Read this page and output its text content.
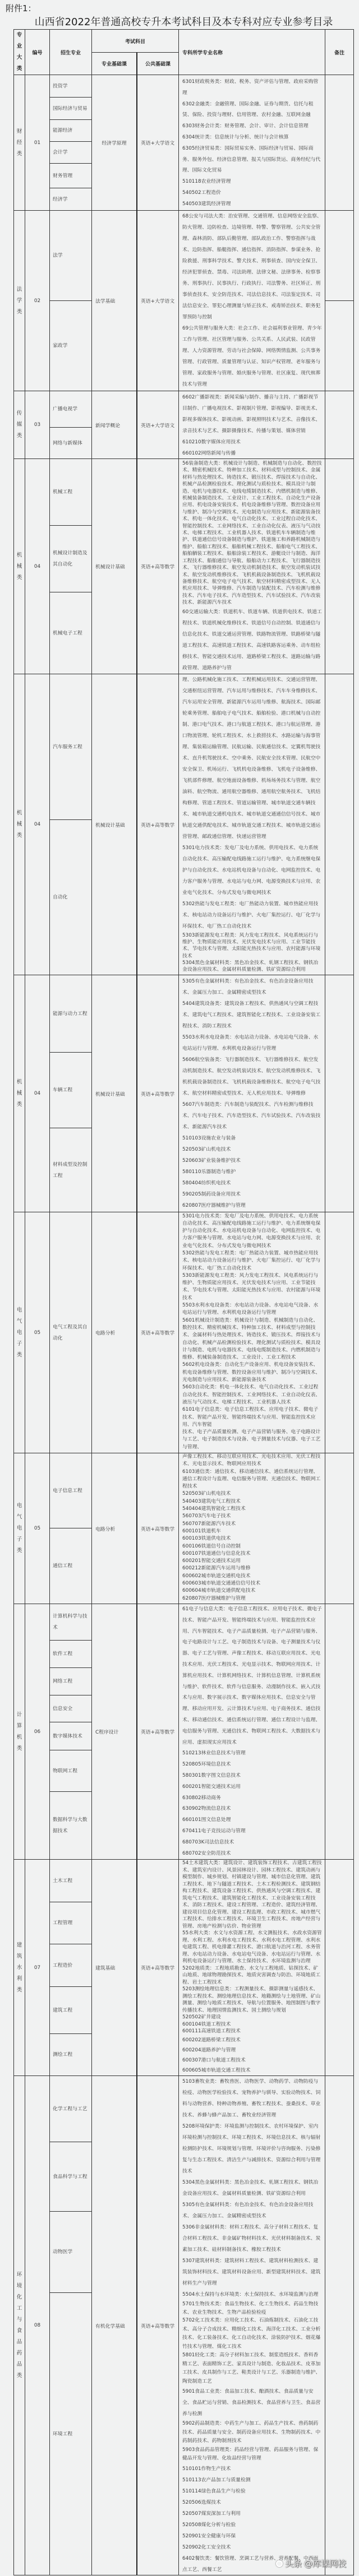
附件1：
山西省2022年普通高校专升本考试科目及本专科对应专业参考目录
专业大类
编号	招生专业
考试科目
专业基础课	公共基础课
专科所学专业名称	备注
财经类
01
投资学
国际经济与贸易
能源经济
会计学
财务管理
经济学
经济学原理	英语+大学语文

6301财政税务类：财政、税务、资产评估与管理、政府采购管理

6302金融类：金融管理、国际金融、证券与期货、信托与租赁、保险、投资与理财、信用管理、农村金融、互联网金融

6303财务会计类：财务管理、会计、审计、会计信息管理

6304统计类：信息统计与分析、统计与会计核算

6305经济贸易类：国际贸易实务、国际经济与贸易、国际商务、服务外包、经济信息管理、报关与国际货运、商务经纪与代理、国际文化贸易

510118农业经济管理

540502工程造价

540503建筑经济管理

法学类
02
法学
家政学
法学基础	英语+大学语文

68公安与司法大类：治安管理、交通管理、信息网络安全监察、防火管理、边防检查、边境管理、特警、警察管理、公共安全管理、森林消防、部队后勤管理、部队政治工作、警察指挥与战术、边防指挥、船艇指挥、通信指挥、消防指挥、参谋业务、抢险救援、刑事科学技术、警犬技术、刑事侦查、国内安全保卫、经济犯罪侦查、禁毒、司法助理、法律文秘、法律事务、检察事务、刑事执行、民事执行、行政执行、司法警务、社区矫正、刑事侦查技术、安全防范技术、司法信息技术、司法鉴定技术、司法信息安全、罪犯心理测量与矫正技术、戒毒矫治技术、职务犯罪预防与控制

69公共管理与服务大类：社会工作、社会福利事业管理、青少年工作与管理、社区管理与服务、公共关系、人民武装、民政管理、人力资源管理、劳动与社会保障、网络舆情监测、公共事务管理、行政管理、质量管理与认证、知识产权管理、老年服务与管理、家政服务与管理、婚庆服务与管理、社区康复、现代殡葬技术与管理

传媒类
03
广播电视学
网络与新媒体
新闻学概论	英语+大学语文

6602广播影视类：新闻采编与制作、播音与主持、广播影视节目制作、广播电视技术、影视制片管理、影视编导、影视美术、影视多媒体技术、影视动画、影视照明技术与艺术、音像技术、录音技术与艺术、摄影摄像技术、传播与策划、媒体营销

610210数字媒体应用技术

660102网络新闻与传播

机械类
04
机械工程
机械设计制造及其自动化
机械电子工程
机械设计基础	英语+高等数学

56装备制造大类：机械设计与制造、机械制造与自动化、数控技术、精密机械技术、特种加工技术、材料成型与控制技术、金属材料与热处理技术、铸造技术、锻压技术、焊接技术与自动化、机械产品检测检验技术、理化测试与质检技术、模具设计与制造、电机与电器技术、电线电缆制造技术、内燃机制造与维修、机械装备制造技术、工业设计、工业工程技术、自动化生产设备应用、机电设备安装技术、机电设备维修与管理、数控设备应用与维护、制冷与空调技术、光电制造与应用技术、新能源装备技术、机电一体化技术、电气自动化技术、工业过程自动化技术、智能控制技术、工业网络技术、工业自动化仪表、液压与气动技术、电梯工程技术、工业机器人技术、铁道机车车辆制造与维护、铁道通信信号设备制造与维护、铁道施工和养路机械制造与维护、船舶工程技术、船舶机械工程技术、船舶电气工程技术、船舶舾装工程技术、船舶涂装工程技术、游艇设计与制造、海洋工程技术、船舶通信与导航、船舶动力工程技术、飞行器制造技术、飞行器维修技术、航空发动机制造技术、航空发动机装试技术、航空发动机维修技术、飞机机载设备制造技术、飞机机载设备维修技术、航空电子电气技术、航空材料精密成型技术、无人机应用技术、导弹维修、汽车制造与装配技术、汽车检测与维修技术、汽车电子技术、汽车造型技术、汽车试验技术、汽车改装技术、新能源汽车技术

60交通运输大类：铁道机车、铁道车辆、铁道供电技术、铁道工程技术、铁道机械化维修技术、铁道信号自动控制、铁道通信与信息化技术、铁道交通运营管理、铁路物流管理、铁路桥梁与隧道工程技术、高速铁道工程技术、高速铁路客运乘务、动车组检修技术、智能交通技术运用、道路桥梁工程技术、道路运输与路政管理、道路养护与管

机械类
04
汽车服务工程
自动化
机械设计基础	英语+高等数学

理、公路机械化施工技术、工程机械运用技术、交通运营管理、交通枢纽运营管理、汽车运用与维修技术、汽车车身维修技术、汽车运用安全管理、新能源汽车运用与维修、航海技术、国际邮轮乘务管理、船舶电子电气技术、船舶检验、港口机械与自动控制、港口电气技术、港口与航道工程技术、港口与航运管理、港口物流管理、轮机工程技术、水上救捞技术、水路运输与海事管理、集装箱运输管理、民航运输、民航通信技术、定翼机驾驶技术、直升机驾驶技术、空中乘务、民航安全技术管理、民航空中安全保卫、机场运行、飞机机电设备维修、飞机电子设备维修、飞机部件修理、航空地面设备维修、机场场务技术与管理、航空油料、航空物流、通用航空器维修、通用航空航务技术、飞机结构修理、管道工程技术、管道运输管理、城市轨道交通车辆技术、城市轨道交通机电技术、城市轨道交通通信信号技术、城市轨道交通供配电技术、城市轨道交通工程技术、城市轨道交通运营管理、邮政通信管理、快递运营管理

5301电力技术类：发电厂及电力系统、供用电技术、电力系统自动化技术、高压输配电线路施工运行与维护、电力系统继电保护与自动化技术、水电站机电设备与自动化、电网监控技术、电力客户服务与管理、水电站与电力网、电源变换技术与应用、农业电气化技术、分布式发电与微电网技术

5302热能与发电工程类：电厂热能动力装置、城市热能应用技术、核电站动力设备运行与维护、火电厂集控运行、电厂化学与环保技术、电厂热工自动化技术

5303新能源发电工程类：风力发电工程技术、风电系统运行与维护、生物质能应用技术、光伏发电技术与应用、工业节能技术、节电技术与管理、太阳能光热技术与应用、农村能源与环境技术

5304黑色金属材料类：黑色冶金技术、轧钢工程技术、钢铁冶金设备应用技术、金属材料质量检测、铁矿资源综合利用

机械类
04
能源与动力工程
车辆工程
材料成型及控制工程
机械设计基础	英语+高等数学

5305有色金属材料类：有色冶金技术、有色冶金设备应用技术、金属压力加工、金属精密成型技术

5404建筑设备类：建筑设备工程技术、供热通风与空调工程技术、建筑电气工程技术、建筑智能化工程技术、工业设备安装工程技术、消防工程技术

5503水利水电设备类：水电站动力设备、水电站电气设备、水电站运行与管理、水利机电设备运行与管理

5606航空装备类：飞行器制造技术、飞行器维修技术、航空发动机制造技术、航空发动机装试技术、航空发动机维修技术、飞机机载设备制造技术、飞机机载设备维修技术、航空电子电气技术、航空材料精密成型技术、无人机应用技术、导弹维修

5607汽车制造类：汽车制造与装配技术、汽车检测与维修技术、汽车电子技术、汽车造型技术、汽车试验技术、汽车改装技术、新能源汽车技术

510103设施农业与装备

520503矿山机电技术

520603矿业装备维护技术

580110乐器制造与维护

580404纺织机电技术

590205制药设备应用技术

620807医疗器械维护与管理

电气电子类
05
电气工程及其自动化
电路分析	英语+高等数学

5301电力技术类：发电厂及电力系统、供用电技术、电力系统自动化技术、高压输配电线路施工运行与维护、电力系统继电保护与自动化技术、水电站机电设备与自动化、电网监控技术、电力客户服务与管理、水电站与电力网、电源变换技术与应用、农业电气化技术、分布式发电与微电网技术

5302热能与发电工程类：电厂热能动力装置、城市热能应用技术、核电站动力设备运行与维护、火电厂集控运行、电厂化学与环保技术、电厂热工自动化技术

5303新能源发电工程类：风力发电工程技术、风电系统运行与维护、生物质能应用技术、光伏发电技术与应用、工业节能技术、节电技术与管理、太阳能光热技术与应用、农村能源与环境技术

5503水利水电设备类：水电站动力设备、水电站电气设备、水电站运行与管理、水利机电设备运行与管理

5601机械设计制造类：机械设计与制造、机械制造与自动化、数控技术、精密机械技术、特种加工技术、材料成型与控制技术、金属材料与热处理技术、铸造技术、锻压技术、焊接技术与自动化、机械产品检测检验技术、理化测试与质检技术、模具设计与制造、电机与电器技术、电线电缆制造技术、内燃机制造与维修、机械装备制造技术、工业设计、工业工程技术

5602机电设备类：自动化生产设备应用、机电设备安装技术、机电设备维修与管理、数控设备应用与维护、制冷与空调技术、光电制造与应用技术、新能源装备技术

5603自动化类：机电一体化技术、电气自动化技术、工业过程自动化技术、智能控制技术、工业网络技术、工业自动化仪表、液压与气动技术、电梯工程技术、工业机器人技术

6101电子信息类：电子信息工程技术、应用电子技术、微电子技术、智能产品开发、智能终端技术与应用、智能监控技术应用、汽车智能

技术、电子产品质量检测、电子产品营销与服务、电子电路设计与工艺、电子制造技术与设备、电子测量技术与仪器、电子工艺与管理、

电气电子类
05
电子信息工程
通信工程
电路分析	英语+高等数学

声像工程技术、移动互联应用技术、光电技术应用、光伏工程技术、光电显示技术、物联网应用技术

6103通信类：通信技术、移动通信技术、通信系统运行管理、通信工程设计与监理、电信服务与管理、光通信技术、物联网工程技术

520503矿山机电技术

540403建筑电气工程技术

540404建筑智能化工程技术

560703汽车电子技术

560707新能源汽车技术

600101铁道机车

600103铁道供电技术

600106铁道信号自动控制

600107铁道通信与信息化技术

600201智能交通技术运用

600212新能源汽车运用与维修

600602城市轨道交通机电技术

600603城市轨道交通通信信号技术

600604城市轨道交通供配电技术

620807医疗器械维护与管理

计算机类
06
计算机科学与技术
软件工程
网络工程
信息安全
数字媒体技术
物联网工程
数据科学与大数据技术
C程序设计	英语+高等数学

61电子与信息大类：电子信息工程技术、应用电子技术、微电子技术、智能产品开发、智能终端技术与应用、智能监控技术应用、汽车智能技术、电子产品质量检测、电子产品营销与服务、电子电路设计与工艺、电子制造技术与设备、电子测量技术与仪器、电子工艺与管理、声像工程技术、移动互联应用技术、光电技术应用、光伏工程技术、光电显示技术、物联网应用技术、计算机应用技术、计算机网络技术、计算机信息管理、计算机系统与维护、软件技术、软件与信息服务、动漫制作技术、嵌入式技术与应用、数字展示技术、数字媒体应用技术、信息安全与管理、移动应用开发、云计算技术与应用、电子商务技术、通信技术、移动通信技术、通信系统运行管理、通信工程设计与监理、电信服务与管理、光通信技术、物联网工程技术、大数据技术与应用、虚拟现实应用技术

510213林业信息技术与管理

520805环境信息技术

580301数字图文信息技术

600201智能交通技术运用

630802移动商务

630902物流信息技术

660101图文信息处理

670411电子竞技运动与管理

680703K司法信息技术

680702安全防范技术

建筑水利类
07
土木工程
工程管理
工程造价
建筑工程
测绘工程
建筑基础	英语+高等数学

54土木建筑大类：建筑设计、建筑装饰工程技术、古建筑工程技术、建筑室内设计、风景园林设计、园林工程技术、建筑动画与模型制作、城乡规划、村镇建设与管理、城市信息化管理、建筑工程技术、地下与隧道工程技术、土木工程检测技术、建筑钢结构工程技术、建筑设备工程技术、供热通风与空调工程技术、建筑电气工程技术、建筑智能化工程技术、工业设备安装工程技术、消防工程技术、建设工程管理、工程造价、建筑经济管理、建设项目信息化管理、建设工程监理、市政工程技术、城市燃气工程技术、给排水工程技术、环境卫生工程技术、房地产经营与管理、房地产检测与估价、物业管理

55水利大类：水文与水资源工程、水文测报技术、水政水资源管理、水利工程、水利水电工程技术、水利水电工程管理、水利水电建筑工程、机电排灌工程技术、港口航道与治河工程、水务管理、水电站动力设备、水电站电气设备、水电站运行与管理、水利机电设备运行与管理、水土保持技术、水环境监测与治理

5202地质类：工程地质勘查、水文与工程地质、钻探技术、矿山地质、地球物理勘探技术、地质灾害调查与防治、环境地质工程、岩土工程技术

5203测绘地理信息类：工程测量技术、摄影测量与遥感技术、测绘工程技术、测绘地理信息技术、地籍测绘与土地管理、矿山测量、测绘与地质工程技术、导航与位置服务、地图制图与数字传播技术、地理国情监测技术、国土测绘与规划

520502矿井建设

600104铁道工程技术

600111高速铁道工程技术

600202道路桥梁工程技术

600204道路养护与管理

600307港口与航道工程技术

600605城市轨道交通工程技术

环境化工与食品药品类
08
化学工程与工艺
食品科学与工程
动物医学
环境工程
有机化学基础	英语+高等数学

5103畜牧业类：畜牧兽医、动物医学、动物药学、动物防疫与检疫、动物医学检验技术、宠物养护与驯导、实验动物技术、饲料与动物营养、特种动物养殖、畜牧工程技术、蚕桑技术、草业技术、养蜂与蜂产品加工、畜牧业经济管理

5208环境保护类：环境监测与控制技术、农村环境保护、室内环境检测与控制技术、环境工程技术、环境信息技术、核与辐射检测防护技术、环境规划与管理、环境评价与咨询服务、污染修复与生态工程技术、清洁生产与减排技术、资源综合利用与管理技术

5304黑色金属材料类：黑色冶金技术、轧钢工程技术、钢铁冶金设备应用技术、金属材料质量检测、铁矿资源综合利用

5305有色金属材料类：有色冶金技术、有色冶金设备应用技术、金属压力加工、金属精密成型技术

5306非金属材料类：材料工程技术、高分子材料工程技术、复合材料工程技术、非金属矿物材料技术、光伏材料制备技术、炭素加工技术、硅材料制备技术、橡胶工程技术

5307建筑材料类：建筑材料工程技术、建筑材料检测技术、建筑装饰材料技术、建筑材料设备应用、新型建筑材料技术、建筑材料生产与管理

5504水土保持与水环境类：水土保持技术、水环境监测与治理

5701生物技术类：食品生物技术、化工生物技术、药品生物技术、农业生物技术、生物产品检验检疫

5702化工技术类：应用化工技术、石油炼制技术、石油化工技术、高分子合成技术、精细化工技术、海洋化工技术、工业分析技术、化工装备技术、化工自动化技术、涂装防护技术、烟花爆竹技术与管理、煤化工技术

5801轻化工类：高分子材料加工技术、制浆造纸技术、香料香精工艺、表面精饰工艺、家具设计与制造、化妆品技术、皮革加工技术、皮具制作与工艺、鞋类设计与工艺、乐器制造与维护、陶瓷制造工艺

5901食品工业类：食品加工技术、酿酒技术、食品质量与安全、食品贮运与营销、食品检测技术、食品营养与卫生、食品营养与检测

5902药品制造类：中药生产与加工、药品生产技术、兽药制药技术、药品质量与安全、制药设备应用技术、生物制药技术、中药制药技术、药物制剂技术

5903食品药品管理类：药品经营与管理、药品服务与管理、保健品开发与管理、化妆品经营与管理

510101作物生产技术

510113农产品加工与质量检测

510114绿色食品生产与检验

520506选煤技术

520507煤炭深加工与利用

520508煤化分析与检验

520901安全健康与环保

520902化工安全技术

6402餐饮类：餐饮管理、烹调工艺与营养、营养配餐、中西面点工艺、西餐工艺

头条 @库课网校
